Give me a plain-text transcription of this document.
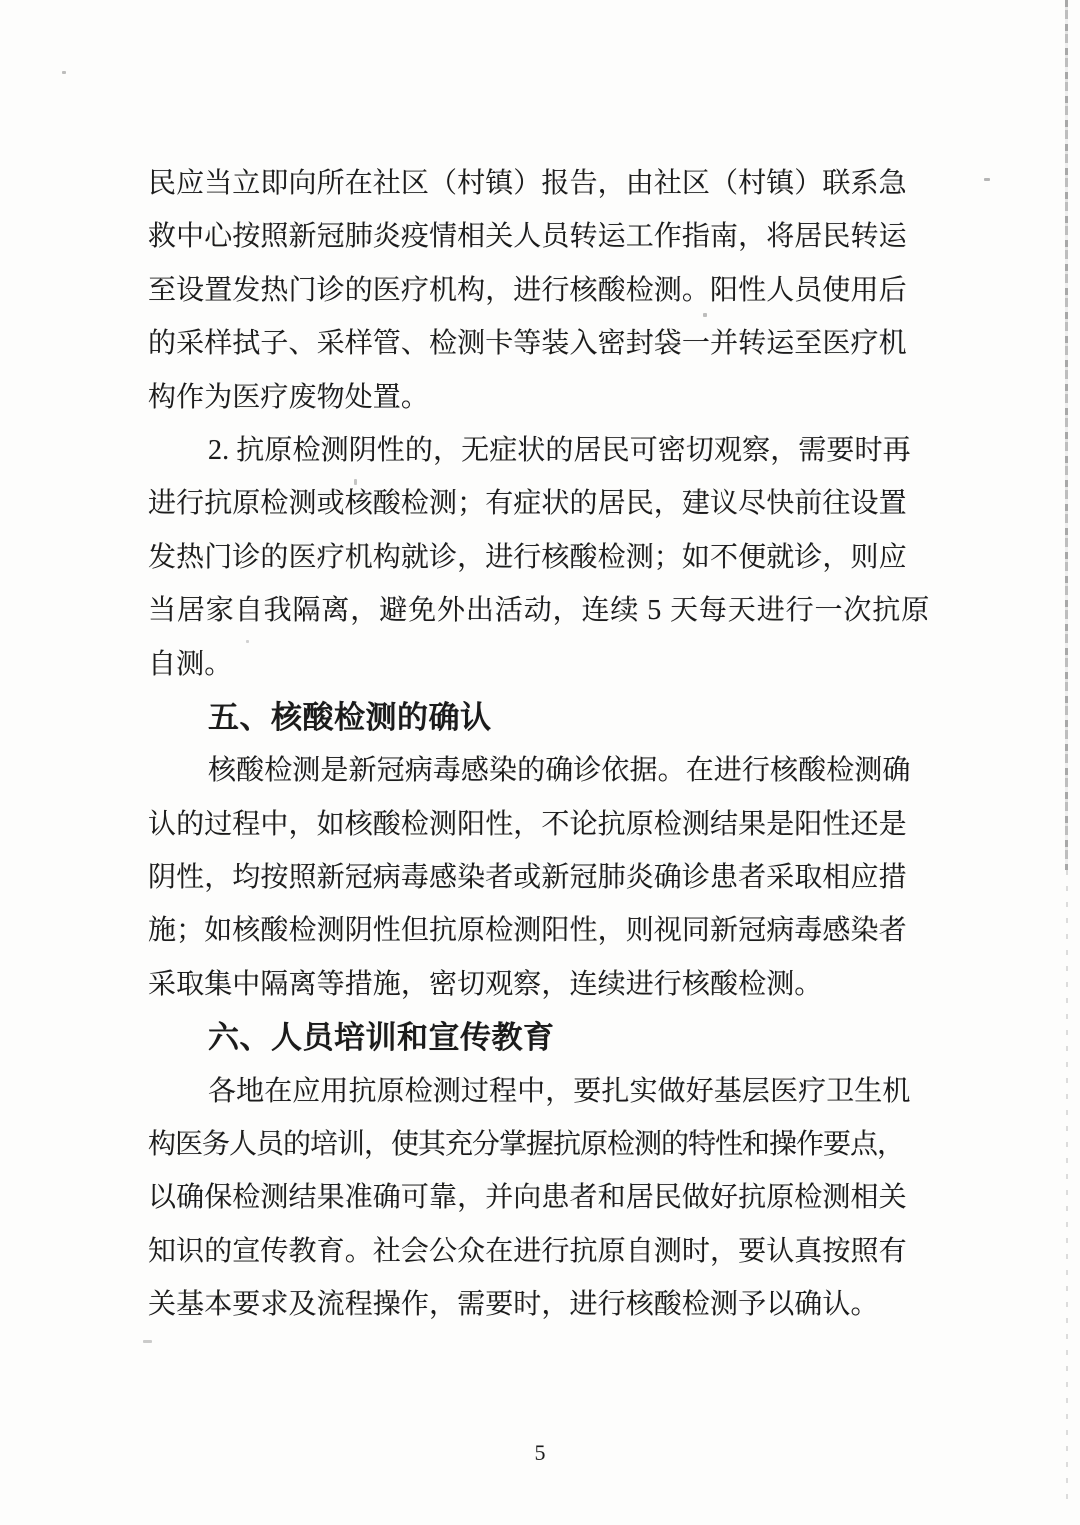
民应当立即向所在社区（村镇）报告，由社区（村镇）联系急
救中心按照新冠肺炎疫情相关人员转运工作指南，将居民转运
至设置发热门诊的医疗机构，进行核酸检测。阳性人员使用后
的采样拭子、采样管、检测卡等装入密封袋一并转运至医疗机
构作为医疗废物处置。
2. 抗原检测阴性的，无症状的居民可密切观察，需要时再
进行抗原检测或核酸检测；有症状的居民，建议尽快前往设置
发热门诊的医疗机构就诊，进行核酸检测；如不便就诊，则应
当居家自我隔离，避免外出活动，连续 5 天每天进行一次抗原
自测。
五、核酸检测的确认
核酸检测是新冠病毒感染的确诊依据。在进行核酸检测确
认的过程中，如核酸检测阳性，不论抗原检测结果是阳性还是
阴性，均按照新冠病毒感染者或新冠肺炎确诊患者采取相应措
施；如核酸检测阴性但抗原检测阳性，则视同新冠病毒感染者
采取集中隔离等措施，密切观察，连续进行核酸检测。
六、人员培训和宣传教育
各地在应用抗原检测过程中，要扎实做好基层医疗卫生机
构医务人员的培训，使其充分掌握抗原检测的特性和操作要点，
以确保检测结果准确可靠，并向患者和居民做好抗原检测相关
知识的宣传教育。社会公众在进行抗原自测时，要认真按照有
关基本要求及流程操作，需要时，进行核酸检测予以确认。
5
